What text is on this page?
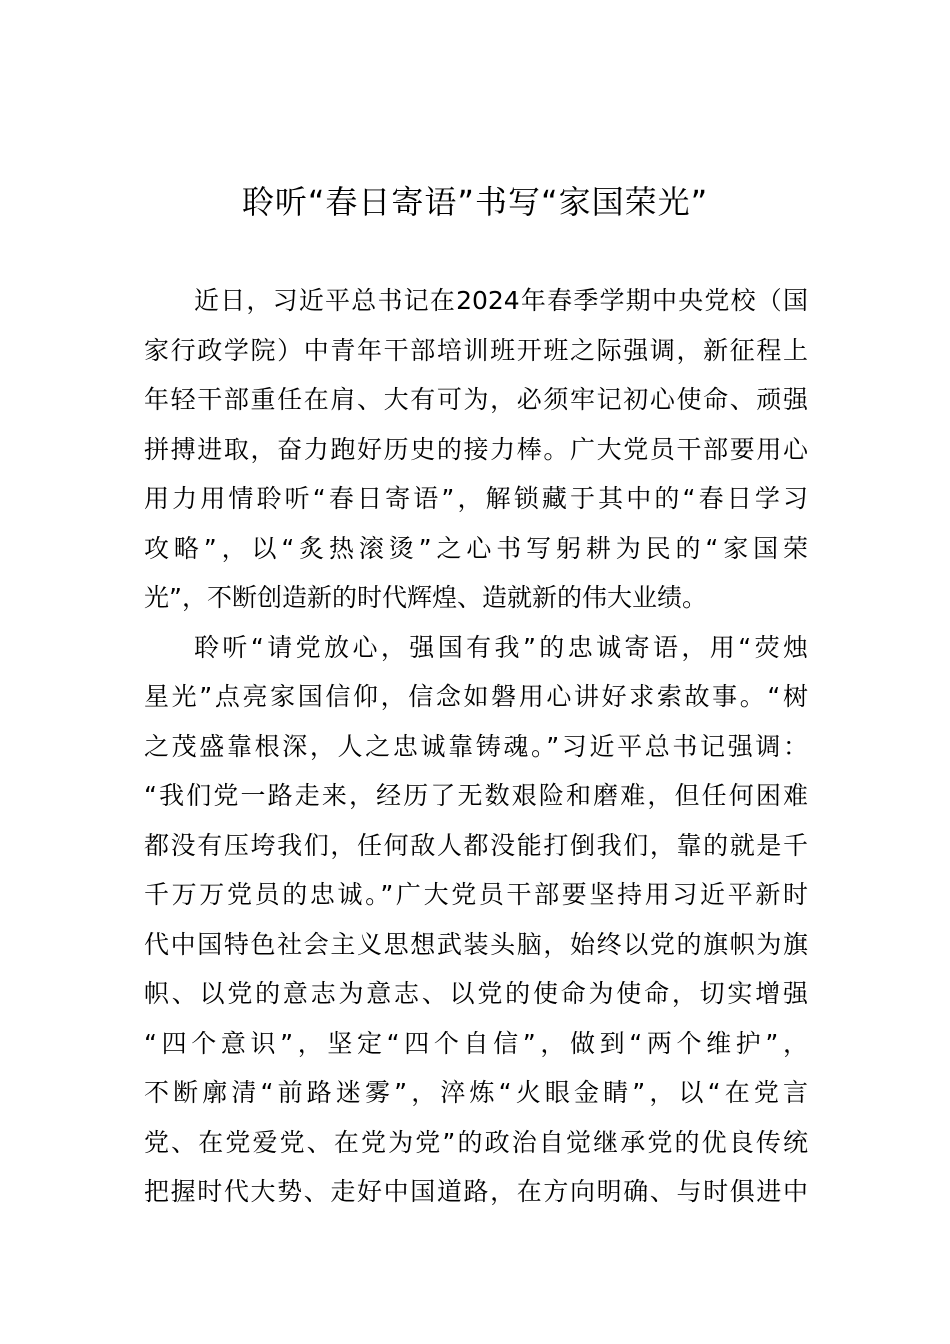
聆听“春日寄语”书写“家国荣光”
近日，习近平总书记在2024年春季学期中央党校（国
家行政学院）中青年干部培训班开班之际强调，新征程上
年轻干部重任在肩、大有可为，必须牢记初心使命、顽强
拼搏进取，奋力跑好历史的接力棒。广大党员干部要用心
用力用情聆听“春日寄语”，解锁藏于其中的“春日学习
攻略”，以“炙热滚烫”之心书写躬耕为民的“家国荣
光”，不断创造新的时代辉煌、造就新的伟大业绩。
聆听“请党放心，强国有我”的忠诚寄语，用“荧烛
星光”点亮家国信仰，信念如磐用心讲好求索故事。“树
之茂盛靠根深，人之忠诚靠铸魂。”习近平总书记强调：
“我们党一路走来，经历了无数艰险和磨难，但任何困难
都没有压垮我们，任何敌人都没能打倒我们，靠的就是千
千万万党员的忠诚。”广大党员干部要坚持用习近平新时
代中国特色社会主义思想武装头脑，始终以党的旗帜为旗
帜、以党的意志为意志、以党的使命为使命，切实增强
“四个意识”，坚定“四个自信”，做到“两个维护”，
不断廓清“前路迷雾”，淬炼“火眼金睛”，以“在党言
党、在党爱党、在党为党”的政治自觉继承党的优良传统
把握时代大势、走好中国道路，在方向明确、与时俱进中
